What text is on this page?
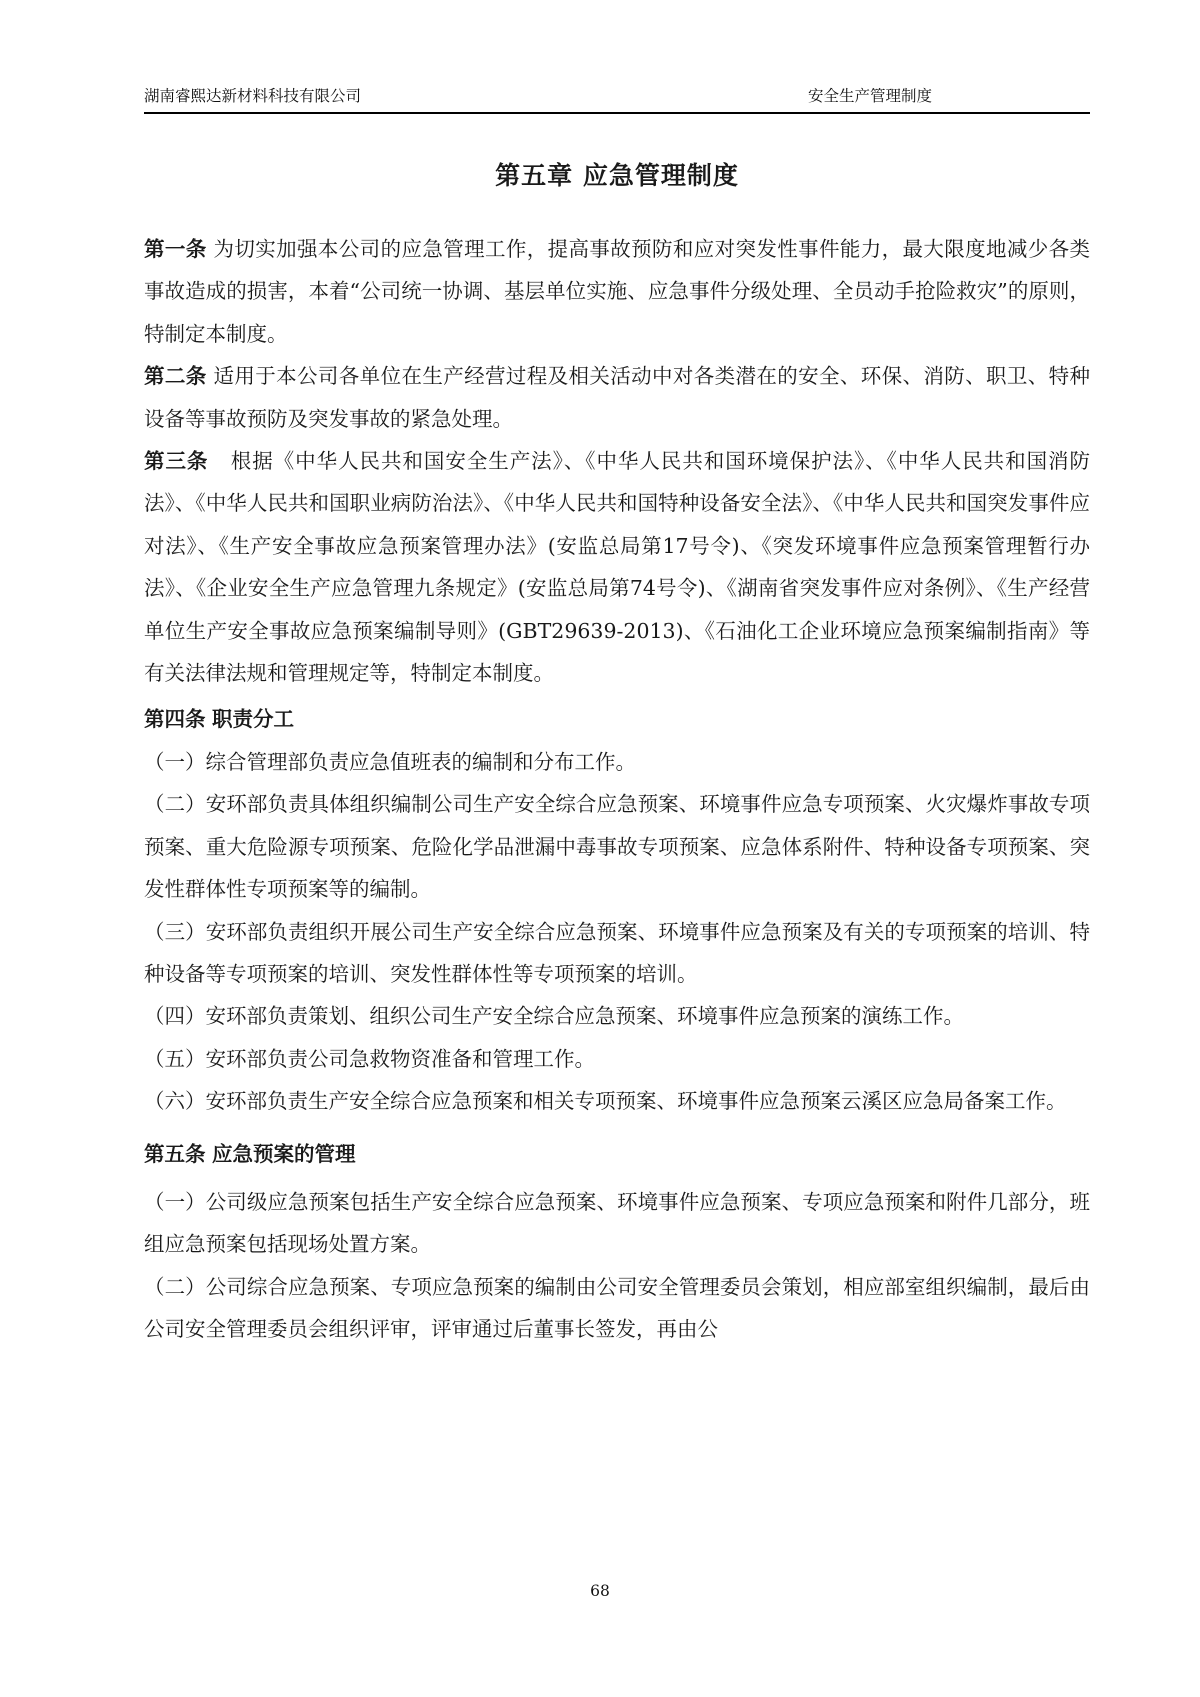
湖南睿熙达新材料科技有限公司	安全生产管理制度
第五章 应急管理制度

第一条 为切实加强本公司的应急管理工作，提高事故预防和应对突发性事件能力，最大限度地减少各类事故造成的损害，本着“公司统一协调、基层单位实施、应急事件分级处理、全员动手抢险救灾”的原则，特制定本制度。

第二条 适用于本公司各单位在生产经营过程及相关活动中对各类潜在的安全、环保、消防、职卫、特种设备等事故预防及突发事故的紧急处理。

第三条 根据《中华人民共和国安全生产法》、《中华人民共和国环境保护法》、《中华人民共和国消防法》、《中华人民共和国职业病防治法》、《中华人民共和国特种设备安全法》、《中华人民共和国突发事件应对法》、《生产安全事故应急预案管理办法》(安监总局第17号令)、《突发环境事件应急预案管理暂行办法》、《企业安全生产应急管理九条规定》(安监总局第74号令)、《湖南省突发事件应对条例》、《生产经营单位生产安全事故应急预案编制导则》(GBT29639-2013)、《石油化工企业环境应急预案编制指南》等有关法律法规和管理规定等，特制定本制度。

第四条 职责分工

（一）综合管理部负责应急值班表的编制和分布工作。

（二）安环部负责具体组织编制公司生产安全综合应急预案、环境事件应急专项预案、火灾爆炸事故专项预案、重大危险源专项预案、危险化学品泄漏中毒事故专项预案、应急体系附件、特种设备专项预案、突发性群体性专项预案等的编制。

（三）安环部负责组织开展公司生产安全综合应急预案、环境事件应急预案及有关的专项预案的培训、特种设备等专项预案的培训、突发性群体性等专项预案的培训。

（四）安环部负责策划、组织公司生产安全综合应急预案、环境事件应急预案的演练工作。

（五）安环部负责公司急救物资准备和管理工作。

（六）安环部负责生产安全综合应急预案和相关专项预案、环境事件应急预案云溪区应急局备案工作。

第五条 应急预案的管理

（一）公司级应急预案包括生产安全综合应急预案、环境事件应急预案、专项应急预案和附件几部分，班组应急预案包括现场处置方案。

（二）公司综合应急预案、专项应急预案的编制由公司安全管理委员会策划，相应部室组织编制，最后由公司安全管理委员会组织评审，评审通过后董事长签发，再由公

68
